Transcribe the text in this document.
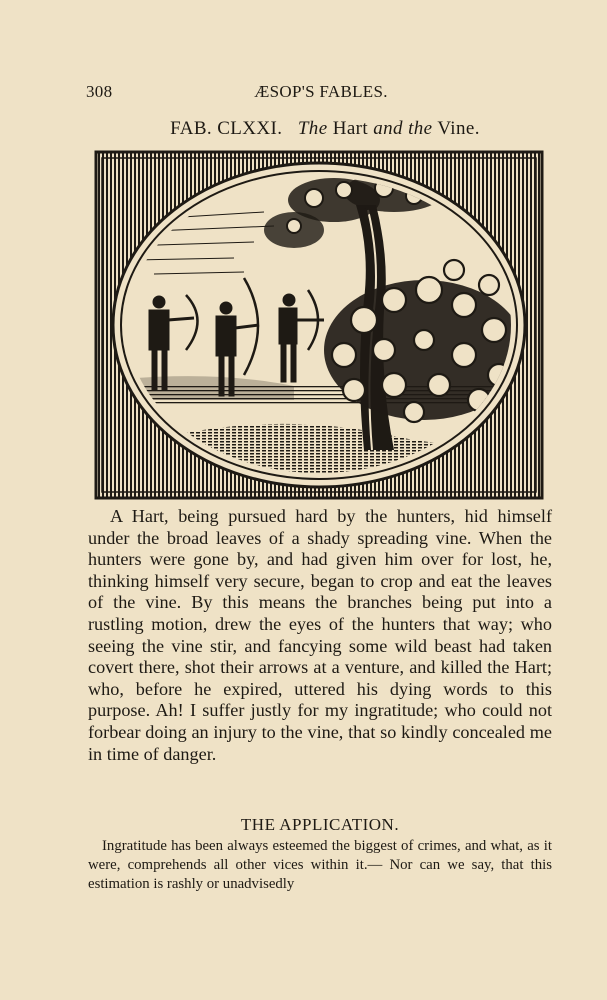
308	ÆSOP'S FABLES.
FAB. CLXXI. The Hart and the Vine.

A Hart, being pursued hard by the hunters, hid himself under the broad leaves of a shady spreading vine. When the hunters were gone by, and had given him over for lost, he, thinking himself very secure, began to crop and eat the leaves of the vine. By this means the branches being put into a rustling motion, drew the eyes of the hunters that way; who seeing the vine stir, and fancying some wild beast had taken covert there, shot their arrows at a venture, and killed the Hart; who, before he expired, uttered his dying words to this purpose. Ah! I suffer justly for my ingratitude; who could not forbear doing an injury to the vine, that so kindly concealed me in time of danger.

THE APPLICATION.

Ingratitude has been always esteemed the biggest of crimes, and what, as it were, comprehends all other vices within it.— Nor can we say, that this estimation is rashly or unadvisedly
